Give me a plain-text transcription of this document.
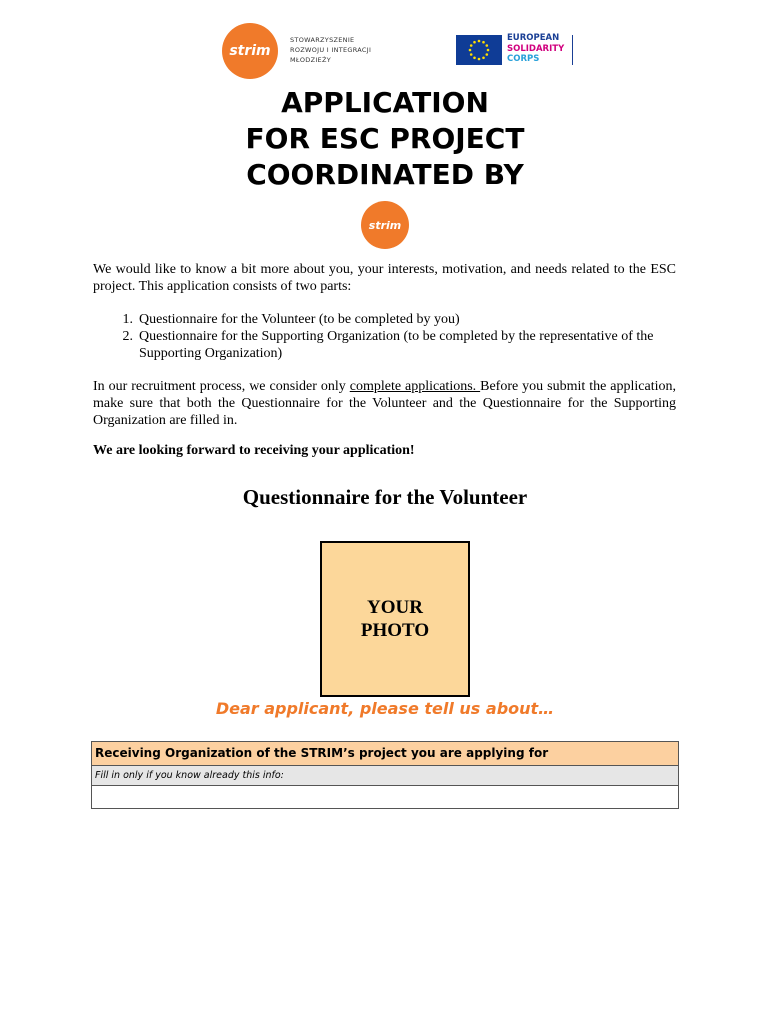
strim
STOWARZYSZENIE
ROZWOJU I INTEGRACJI
MŁODZIEŻY
EUROPEAN
SOLIDARITY
CORPS
APPLICATION
FOR ESC PROJECT
COORDINATED BY
strim
We would like to know a bit more about you, your interests, motivation, and needs related to the ESC project. This application consists of two parts:
1. Questionnaire for the Volunteer (to be completed by you)
2. Questionnaire for the Supporting Organization (to be completed by the representative of the Supporting Organization)
In our recruitment process, we consider only complete applications. Before you submit the application, make sure that both the Questionnaire for the Volunteer and the Questionnaire for the Supporting Organization are filled in.
We are looking forward to receiving your application!
Questionnaire for the Volunteer
YOUR
PHOTO
Dear applicant, please tell us about…
Receiving Organization of the STRIM’s project you are applying for
Fill in only if you know already this info:
